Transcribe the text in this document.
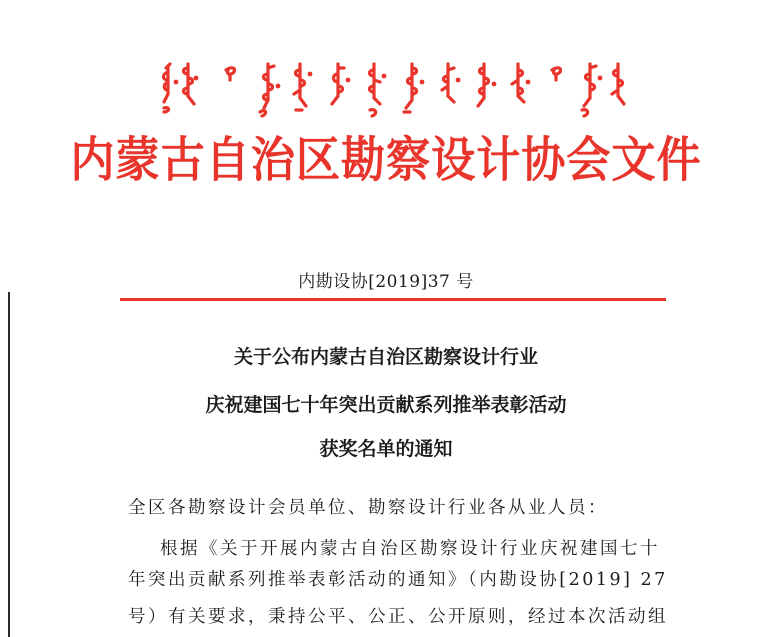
内蒙古自治区勘察设计协会文件
内勘设协[2019]37 号
关于公布内蒙古自治区勘察设计行业
庆祝建国七十年突出贡献系列推举表彰活动
获奖名单的通知
全区各勘察设计会员单位、勘察设计行业各从业人员：
根据《关于开展内蒙古自治区勘察设计行业庆祝建国七十
年突出贡献系列推举表彰活动的通知》（内勘设协[2019] 27
号）有关要求，秉持公平、公正、公开原则，经过本次活动组
